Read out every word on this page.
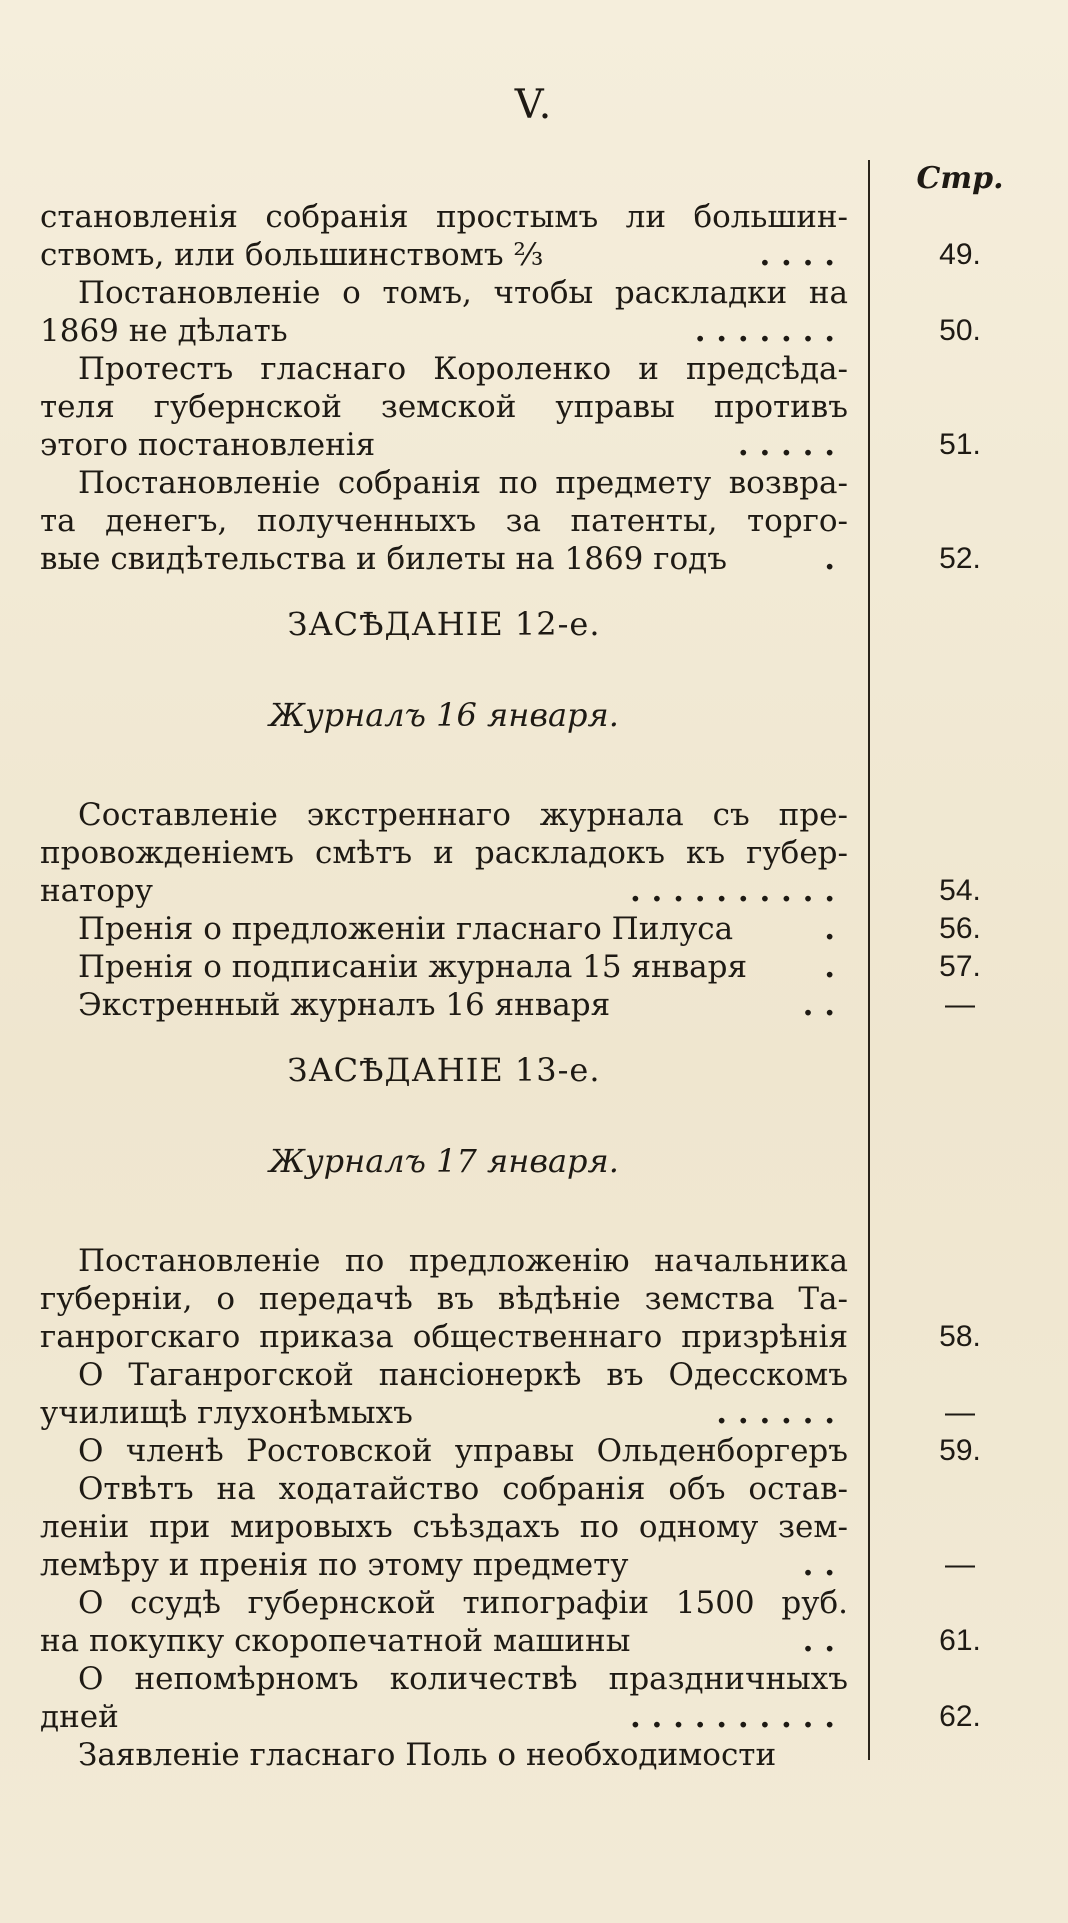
V.
Стр.
становленія собранія простымъ ли большин-
ствомъ, или большинствомъ ²⁄₃	. . . .	49.
Постановленіе о томъ, чтобы раскладки на
1869 не дѣлать	. . . . . . .	50.
Протестъ гласнаго Короленко и предсѣда-
теля губернской земской управы противъ
этого постановленія	. . . . .	51.
Постановленіе собранія по предмету возвра-
та денегъ, полученныхъ за патенты, торго-
вые свидѣтельства и билеты на 1869 годъ	.	52.
ЗАСѢДАНІЕ 12-е.
Журналъ 16 января.
Составленіе экстреннаго журнала съ пре-
провожденіемъ смѣтъ и раскладокъ къ губер-
натору	. . . . . . . . . .	54.
Пренія о предложеніи гласнаго Пилуса	.	56.
Пренія о подписаніи журнала 15 января	.	57.
Экстренный журналъ 16 января	. .	—
ЗАСѢДАНІЕ 13-е.
Журналъ 17 января.
Постановленіе по предложенію начальника
губерніи, о передачѣ въ вѣдѣніе земства Та-
ганрогскаго приказа общественнаго призрѣнія	58.
О Таганрогской пансіонеркѣ въ Одесскомъ
училищѣ глухонѣмыхъ	. . . . . .	—
О членѣ Ростовской управы Ольденборгеръ	59.
Отвѣтъ на ходатайство собранія объ остав-
леніи при мировыхъ съѣздахъ по одному зем-
лемѣру и пренія по этому предмету	. .	—
О ссудѣ губернской типографіи 1500 руб.
на покупку скоропечатной машины	. .	61.
О непомѣрномъ количествѣ праздничныхъ
дней	. . . . . . . . . .	62.
Заявленіе гласнаго Поль о необходимости
